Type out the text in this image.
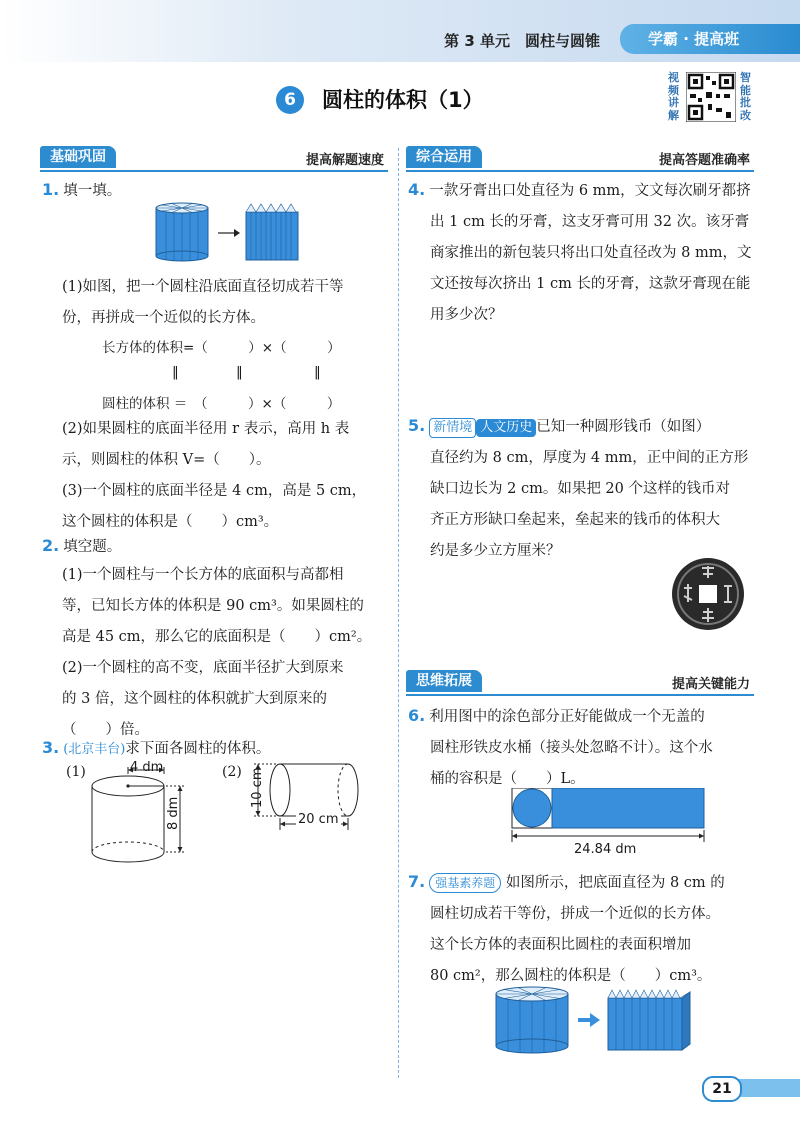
第 3 单元　圆柱与圆锥	学霸 · 提高班
6	圆柱的体积（1）
视频讲解
智能批改
基础巩固	提高解题速度
1. 填一填。
(1)如图，把一个圆柱沿底面直径切成若干等
份，再拼成一个近似的长方体。
长方体的体积=（　　　）×（　　　）
‖	‖	‖
圆柱的体积 ＝　（　　　）×（　　　）
(2)如果圆柱的底面半径用 r 表示，高用 h 表
示，则圆柱的体积 V=（　　）。
(3)一个圆柱的底面半径是 4 cm，高是 5 cm，
这个圆柱的体积是（　　）cm³。
2. 填空题。
(1)一个圆柱与一个长方体的底面积与高都相
等，已知长方体的体积是 90 cm³。如果圆柱的
高是 45 cm，那么它的底面积是（　　）cm²。
(2)一个圆柱的高不变，底面半径扩大到原来
的 3 倍，这个圆柱的体积就扩大到原来的
（　　）倍。
3. (北京丰台)求下面各圆柱的体积。
(1)	4 dm
8 dm
(2) 10 cm
20 cm
综合运用	提高答题准确率
4. 一款牙膏出口处直径为 6 mm，文文每次刷牙都挤
出 1 cm 长的牙膏，这支牙膏可用 32 次。该牙膏
商家推出的新包装只将出口处直径改为 8 mm，文
文还按每次挤出 1 cm 长的牙膏，这款牙膏现在能
用多少次？
5. 新情境 人文历史 已知一种圆形钱币（如图）
直径约为 8 cm，厚度为 4 mm，正中间的正方形
缺口边长为 2 cm。如果把 20 个这样的钱币对
齐正方形缺口垒起来，垒起来的钱币的体积大
约是多少立方厘米？
思维拓展	提高关键能力
6. 利用图中的涂色部分正好能做成一个无盖的
圆柱形铁皮水桶（接头处忽略不计）。这个水
桶的容积是（　　）L。
24.84 dm
7. 强基素养题 如图所示，把底面直径为 8 cm 的
圆柱切成若干等份，拼成一个近似的长方体。
这个长方体的表面积比圆柱的表面积增加
80 cm²，那么圆柱的体积是（　　）cm³。
21
